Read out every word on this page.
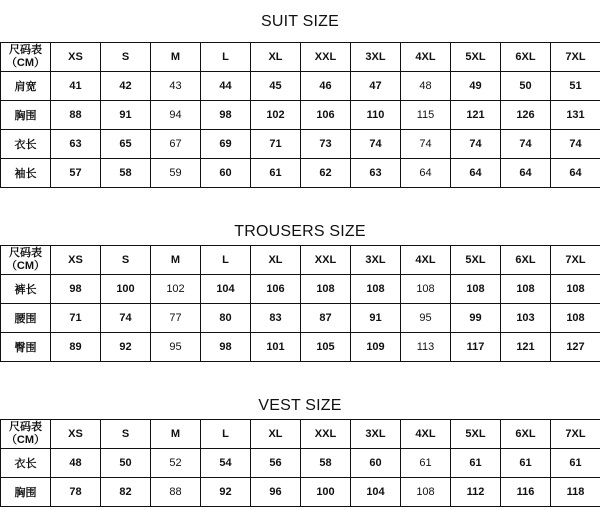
SUIT SIZE
尺码表
（CM）	XS	S	M	L	XL	XXL	3XL	4XL	5XL	6XL	7XL
肩宽	41	42	43	44	45	46	47	48	49	50	51
胸围	88	91	94	98	102	106	110	115	121	126	131
衣长	63	65	67	69	71	73	74	74	74	74	74
袖长	57	58	59	60	61	62	63	64	64	64	64
TROUSERS SIZE
尺码表
（CM）	XS	S	M	L	XL	XXL	3XL	4XL	5XL	6XL	7XL
裤长	98	100	102	104	106	108	108	108	108	108	108
腰围	71	74	77	80	83	87	91	95	99	103	108
臀围	89	92	95	98	101	105	109	113	117	121	127
VEST SIZE
尺码表
（CM）	XS	S	M	L	XL	XXL	3XL	4XL	5XL	6XL	7XL
衣长	48	50	52	54	56	58	60	61	61	61	61
胸围	78	82	88	92	96	100	104	108	112	116	118
